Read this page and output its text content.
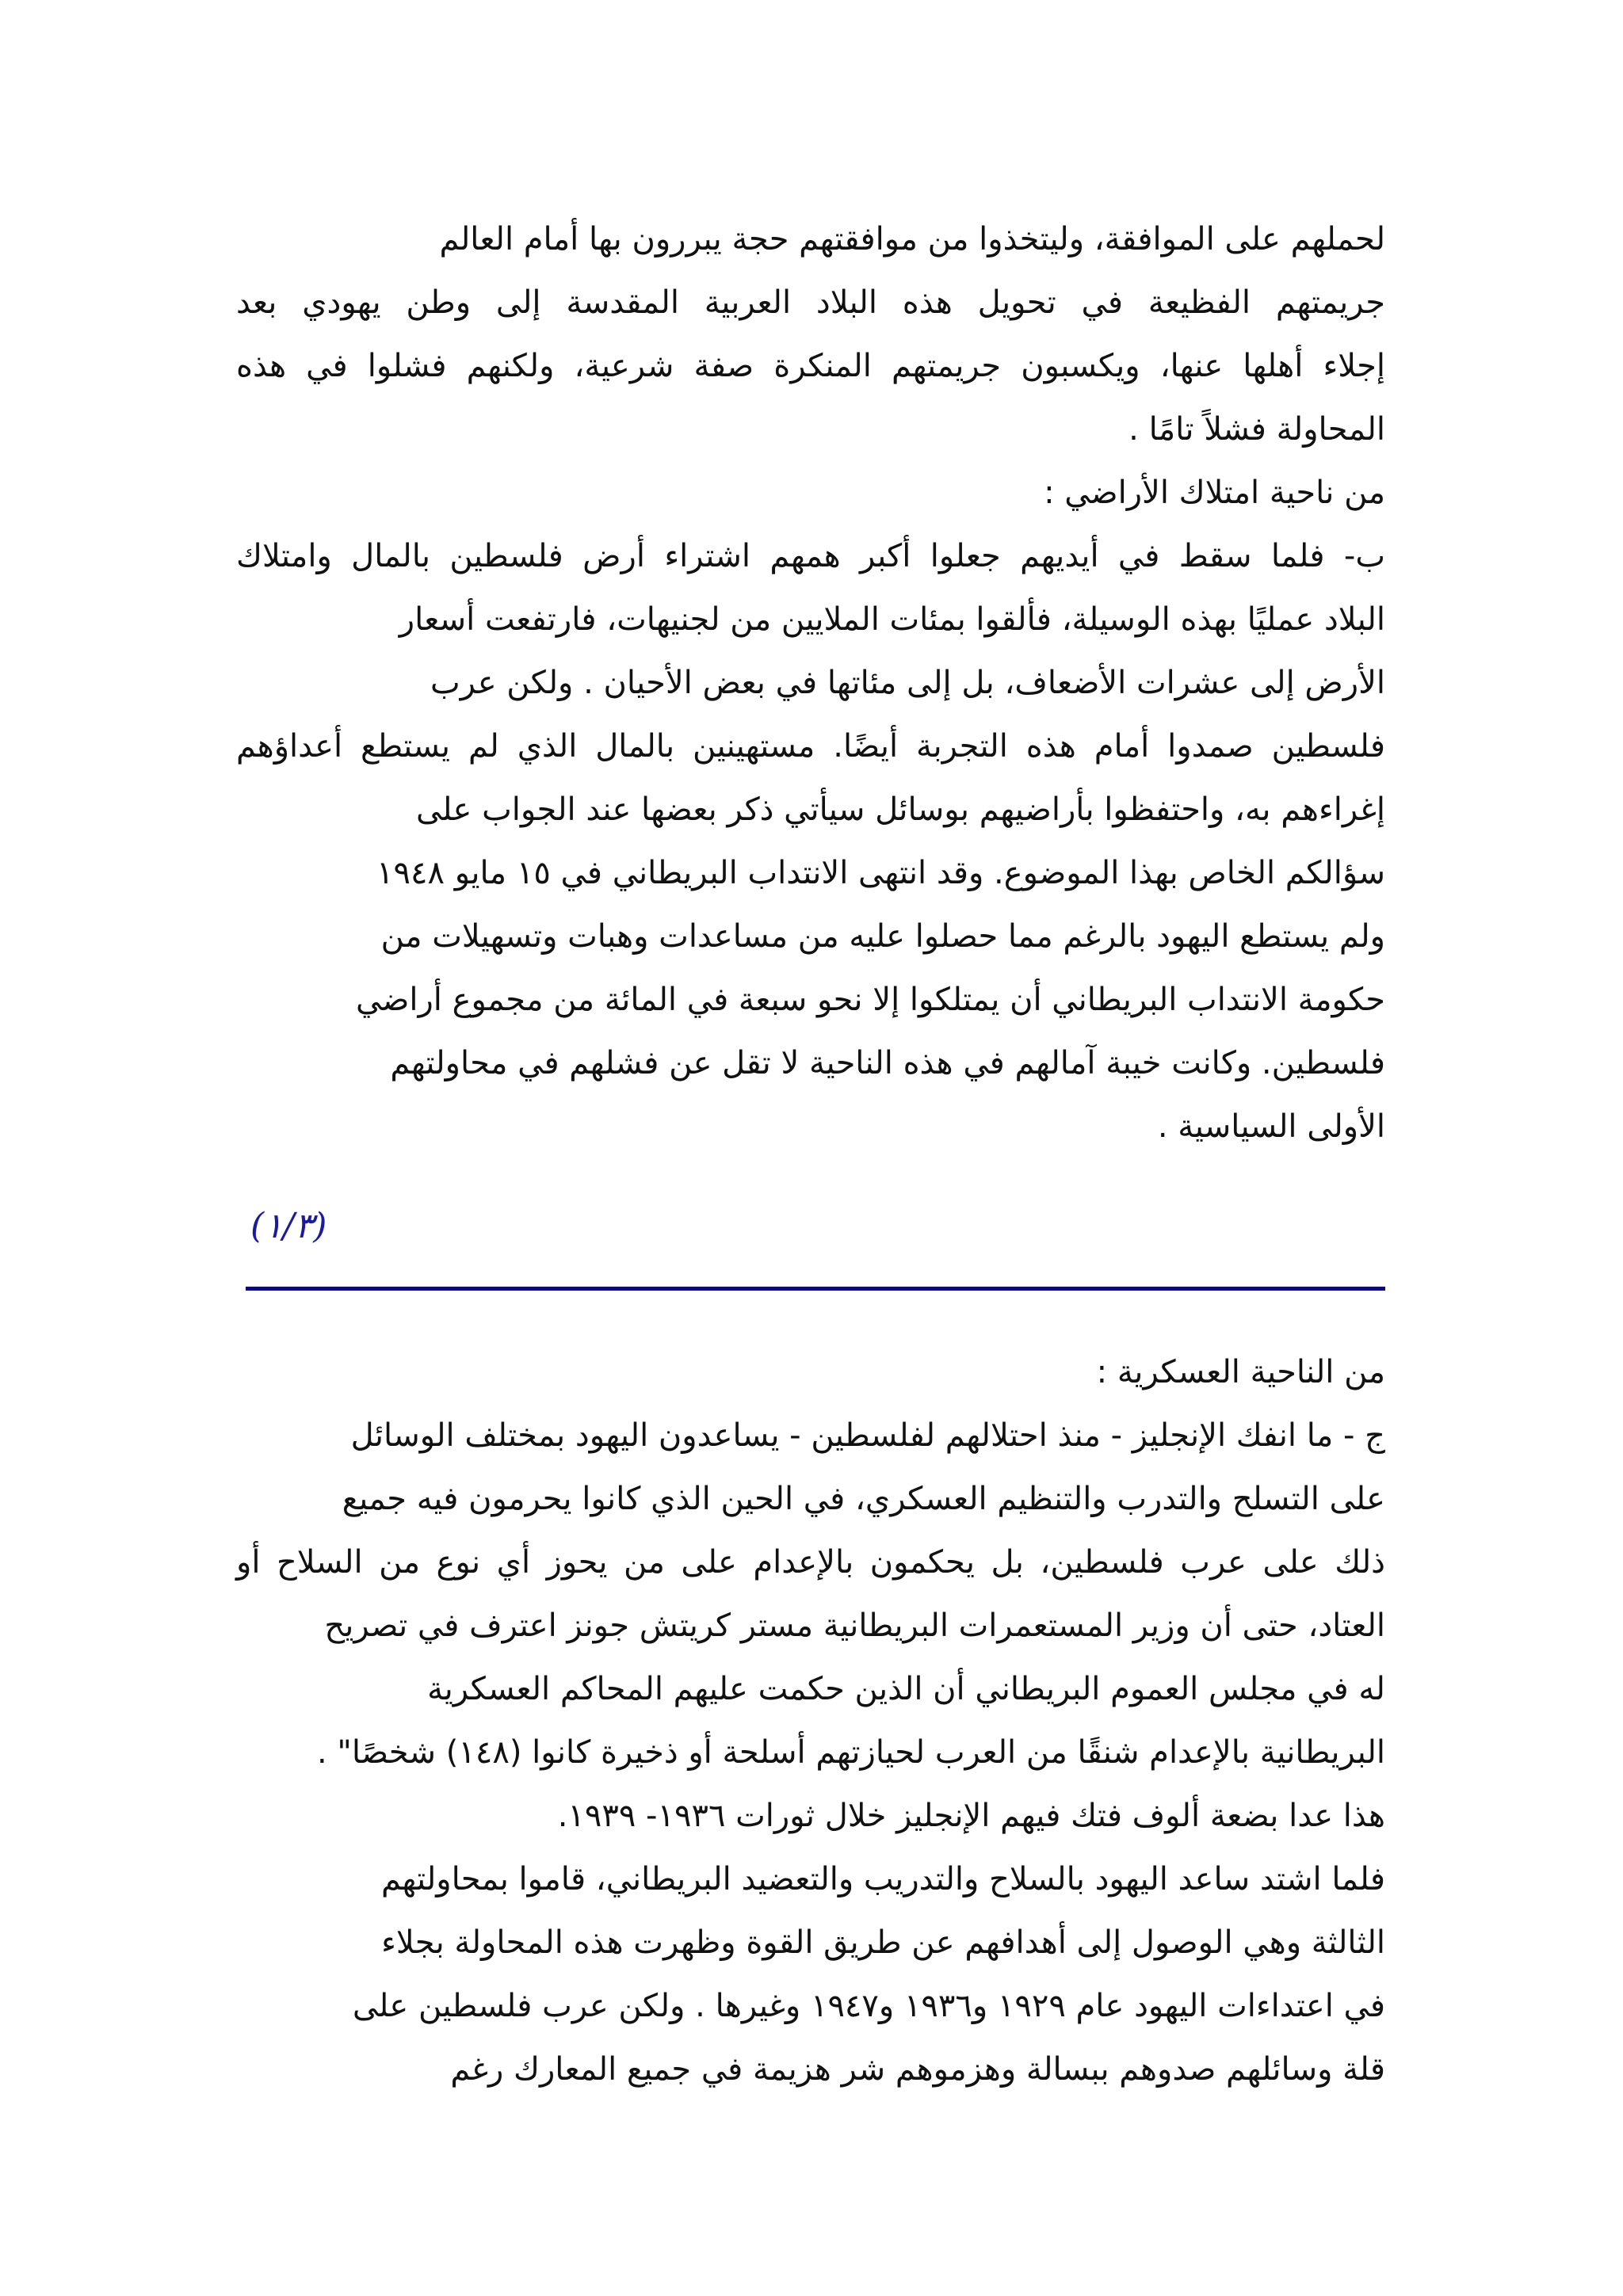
لحملهم على الموافقة، وليتخذوا من موافقتهم حجة يبررون بها أمام العالم
جريمتهم الفظيعة في تحويل هذه البلاد العربية المقدسة إلى وطن يهودي بعد
إجلاء أهلها عنها، ويكسبون جريمتهم المنكرة صفة شرعية، ولكنهم فشلوا في هذه
المحاولة فشلاً تامًا .
من ناحية امتلاك الأراضي :
ب- فلما سقط في أيديهم جعلوا أكبر همهم اشتراء أرض فلسطين بالمال وامتلاك
البلاد عمليًا بهذه الوسيلة، فألقوا بمئات الملايين من لجنيهات، فارتفعت أسعار
الأرض إلى عشرات الأضعاف، بل إلى مئاتها في بعض الأحيان . ولكن عرب
فلسطين صمدوا أمام هذه التجربة أيضًا. مستهينين بالمال الذي لم يستطع أعداؤهم
إغراءهم به، واحتفظوا بأراضيهم بوسائل سيأتي ذكر بعضها عند الجواب على
سؤالكم الخاص بهذا الموضوع. وقد انتهى الانتداب البريطاني في ١٥ مايو ١٩٤٨
ولم يستطع اليهود بالرغم مما حصلوا عليه من مساعدات وهبات وتسهيلات من
حكومة الانتداب البريطاني أن يمتلكوا إلا نحو سبعة في المائة من مجموع أراضي
فلسطين. وكانت خيبة آمالهم في هذه الناحية لا تقل عن فشلهم في محاولتهم
الأولى السياسية .
(١/٣)
من الناحية العسكرية :
ج - ما انفك الإنجليز - منذ احتلالهم لفلسطين - يساعدون اليهود بمختلف الوسائل
على التسلح والتدرب والتنظيم العسكري، في الحين الذي كانوا يحرمون فيه جميع
ذلك على عرب فلسطين، بل يحكمون بالإعدام على من يحوز أي نوع من السلاح أو
العتاد، حتى أن وزير المستعمرات البريطانية مستر كريتش جونز اعترف في تصريح
له في مجلس العموم البريطاني أن الذين حكمت عليهم المحاكم العسكرية
البريطانية بالإعدام شنقًا من العرب لحيازتهم أسلحة أو ذخيرة كانوا (١٤٨) شخصًا" .
هذا عدا بضعة ألوف فتك فيهم الإنجليز خلال ثورات ١٩٣٦- ١٩٣٩.
فلما اشتد ساعد اليهود بالسلاح والتدريب والتعضيد البريطاني، قاموا بمحاولتهم
الثالثة وهي الوصول إلى أهدافهم عن طريق القوة وظهرت هذه المحاولة بجلاء
في اعتداءات اليهود عام ١٩٢٩ و١٩٣٦ و١٩٤٧ وغيرها . ولكن عرب فلسطين على
قلة وسائلهم صدوهم ببسالة وهزموهم شر هزيمة في جميع المعارك رغم
